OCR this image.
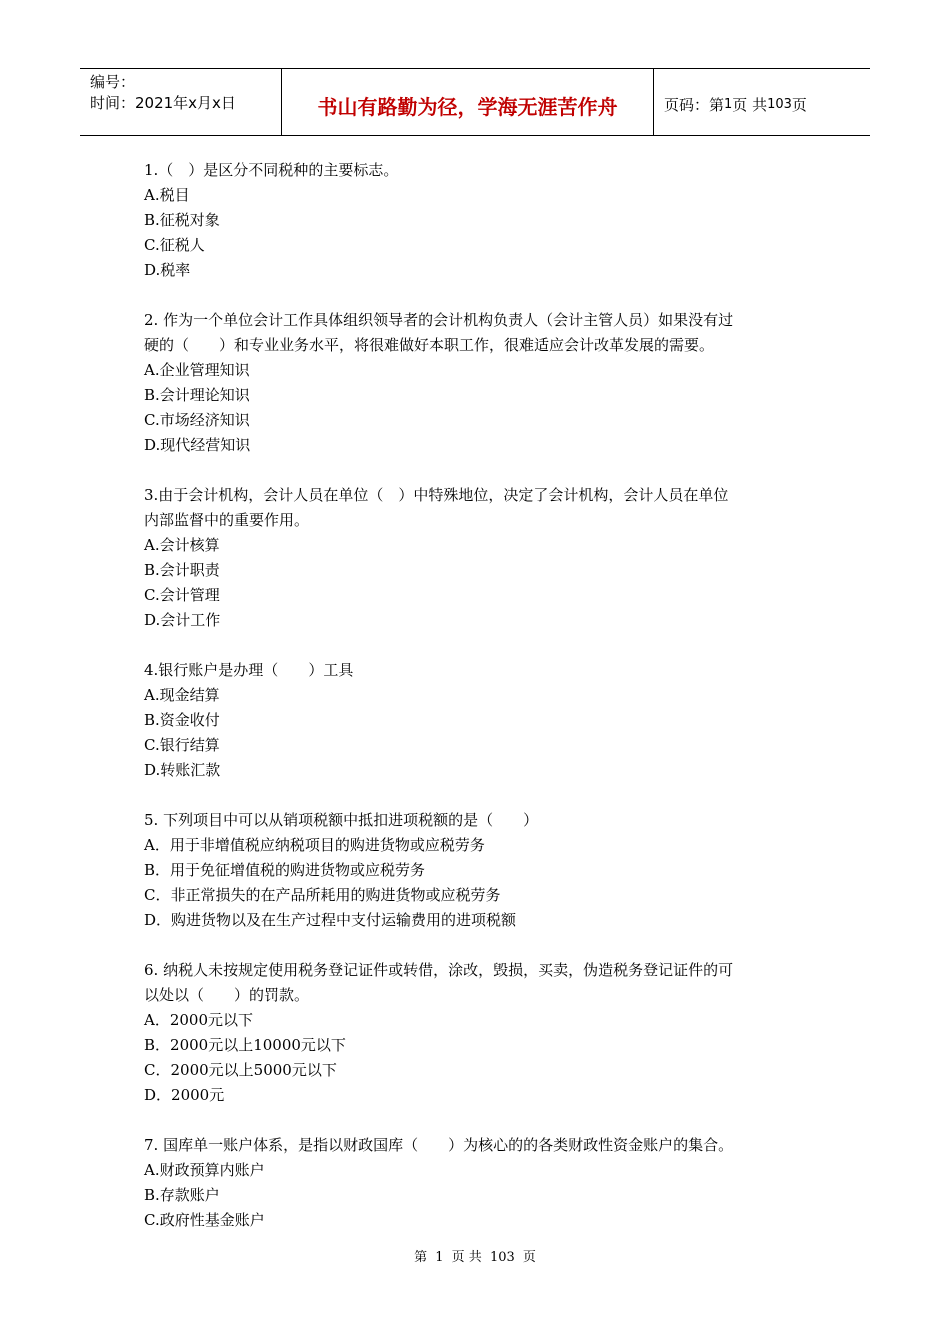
编号：
时间：2021年x月x日	书山有路勤为径，学海无涯苦作舟	页码：第 1 页 共 103 页

1.（　）是区分不同税种的主要标志。

A.税目

B.征税对象

C.征税人

D.税率

2. 作为一个单位会计工作具体组织领导者的会计机构负责人（会计主管人员）如果没有过

硬的（　　）和专业业务水平，将很难做好本职工作，很难适应会计改革发展的需要。

A.企业管理知识

B.会计理论知识

C.市场经济知识

D.现代经营知识

3.由于会计机构，会计人员在单位（　）中特殊地位，决定了会计机构，会计人员在单位

内部监督中的重要作用。

A.会计核算

B.会计职责

C.会计管理

D.会计工作

4.银行账户是办理（　　）工具

A.现金结算

B.资金收付

C.银行结算

D.转账汇款

5. 下列项目中可以从销项税额中抵扣进项税额的是（　　）

A．用于非增值税应纳税项目的购进货物或应税劳务

B．用于免征增值税的购进货物或应税劳务

C．非正常损失的在产品所耗用的购进货物或应税劳务

D．购进货物以及在生产过程中支付运输费用的进项税额

6. 纳税人未按规定使用税务登记证件或转借，涂改，毁损，买卖，伪造税务登记证件的可

以处以（　　）的罚款。

A．2000元以下

B．2000元以上10000元以下

C．2000元以上5000元以下

D．2000元

7. 国库单一账户体系，是指以财政国库（　　）为核心的的各类财政性资金账户的集合。

A.财政预算内账户

B.存款账户

C.政府性基金账户

第 1 页 共 103 页
